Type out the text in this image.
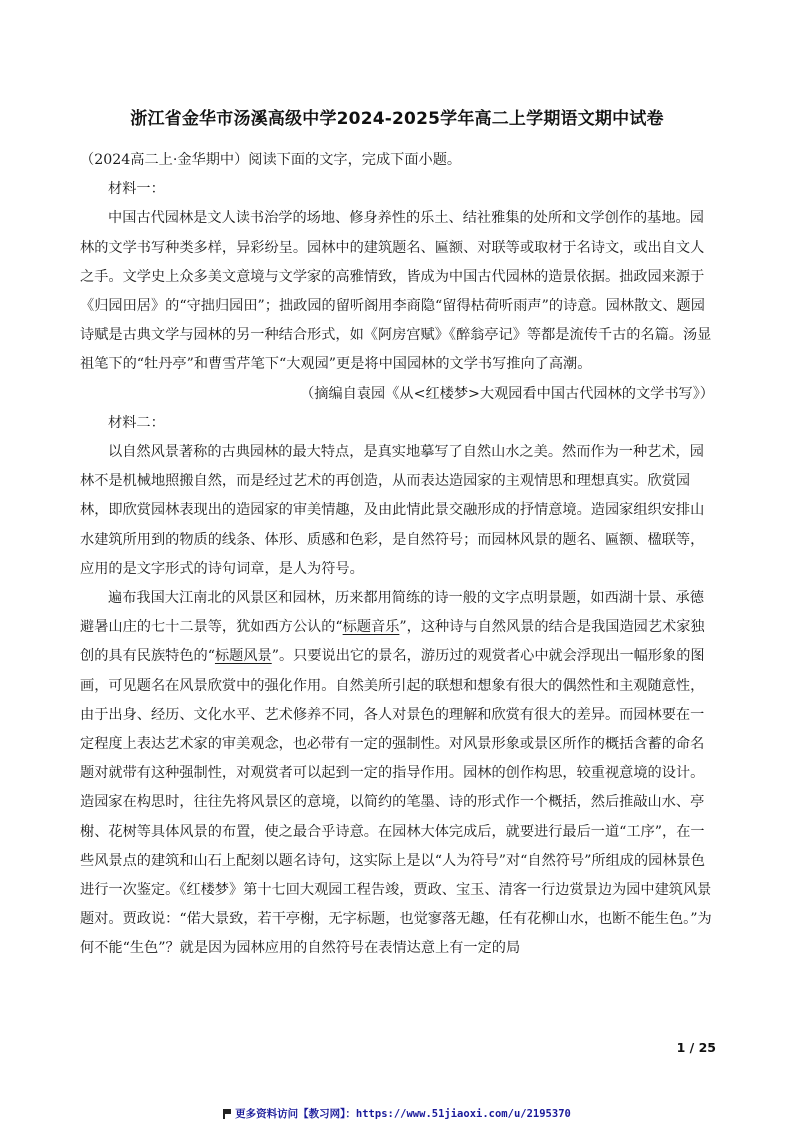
浙江省金华市汤溪高级中学2024-2025学年高二上学期语文期中试卷

（2024高二上·金华期中）阅读下面的文字，完成下面小题。

材料一：

中国古代园林是文人读书治学的场地、修身养性的乐土、结社雅集的处所和文学创作的基地。园林的文学书写种类多样，异彩纷呈。园林中的建筑题名、匾额、对联等或取材于名诗文，或出自文人之手。文学史上众多美文意境与文学家的高雅情致，皆成为中国古代园林的造景依据。拙政园来源于《归园田居》的“守拙归园田”；拙政园的留听阁用李商隐“留得枯荷听雨声”的诗意。园林散文、题园诗赋是古典文学与园林的另一种结合形式，如《阿房宫赋》《醉翁亭记》等都是流传千古的名篇。汤显祖笔下的“牡丹亭”和曹雪芹笔下“大观园”更是将中国园林的文学书写推向了高潮。

（摘编自袁园《从<红楼梦>大观园看中国古代园林的文学书写》）

材料二：

以自然风景著称的古典园林的最大特点，是真实地摹写了自然山水之美。然而作为一种艺术，园林不是机械地照搬自然，而是经过艺术的再创造，从而表达造园家的主观情思和理想真实。欣赏园林，即欣赏园林表现出的造园家的审美情趣，及由此情此景交融形成的抒情意境。造园家组织安排山水建筑所用到的物质的线条、体形、质感和色彩，是自然符号；而园林风景的题名、匾额、楹联等，应用的是文字形式的诗句词章，是人为符号。

遍布我国大江南北的风景区和园林，历来都用简练的诗一般的文字点明景题，如西湖十景、承德避暑山庄的七十二景等，犹如西方公认的“标题音乐”，这种诗与自然风景的结合是我国造园艺术家独创的具有民族特色的“标题风景”。只要说出它的景名，游历过的观赏者心中就会浮现出一幅形象的图画，可见题名在风景欣赏中的强化作用。自然美所引起的联想和想象有很大的偶然性和主观随意性，由于出身、经历、文化水平、艺术修养不同，各人对景色的理解和欣赏有很大的差异。而园林要在一定程度上表达艺术家的审美观念，也必带有一定的强制性。对风景形象或景区所作的概括含蓄的命名题对就带有这种强制性，对观赏者可以起到一定的指导作用。园林的创作构思，较重视意境的设计。造园家在构思时，往往先将风景区的意境，以简约的笔墨、诗的形式作一个概括，然后推敲山水、亭榭、花树等具体风景的布置，使之最合乎诗意。在园林大体完成后，就要进行最后一道“工序”，在一些风景点的建筑和山石上配刻以题名诗句，这实际上是以“人为符号”对“自然符号”所组成的园林景色进行一次鉴定。《红楼梦》第十七回大观园工程告竣，贾政、宝玉、清客一行边赏景边为园中建筑风景题对。贾政说：“偌大景致，若干亭榭，无字标题，也觉寥落无趣，任有花柳山水，也断不能生色。”为何不能“生色”？就是因为园林应用的自然符号在表情达意上有一定的局

1 / 25
更多资料访问【教习网】：https://www.51jiaoxi.com/u/2195370
